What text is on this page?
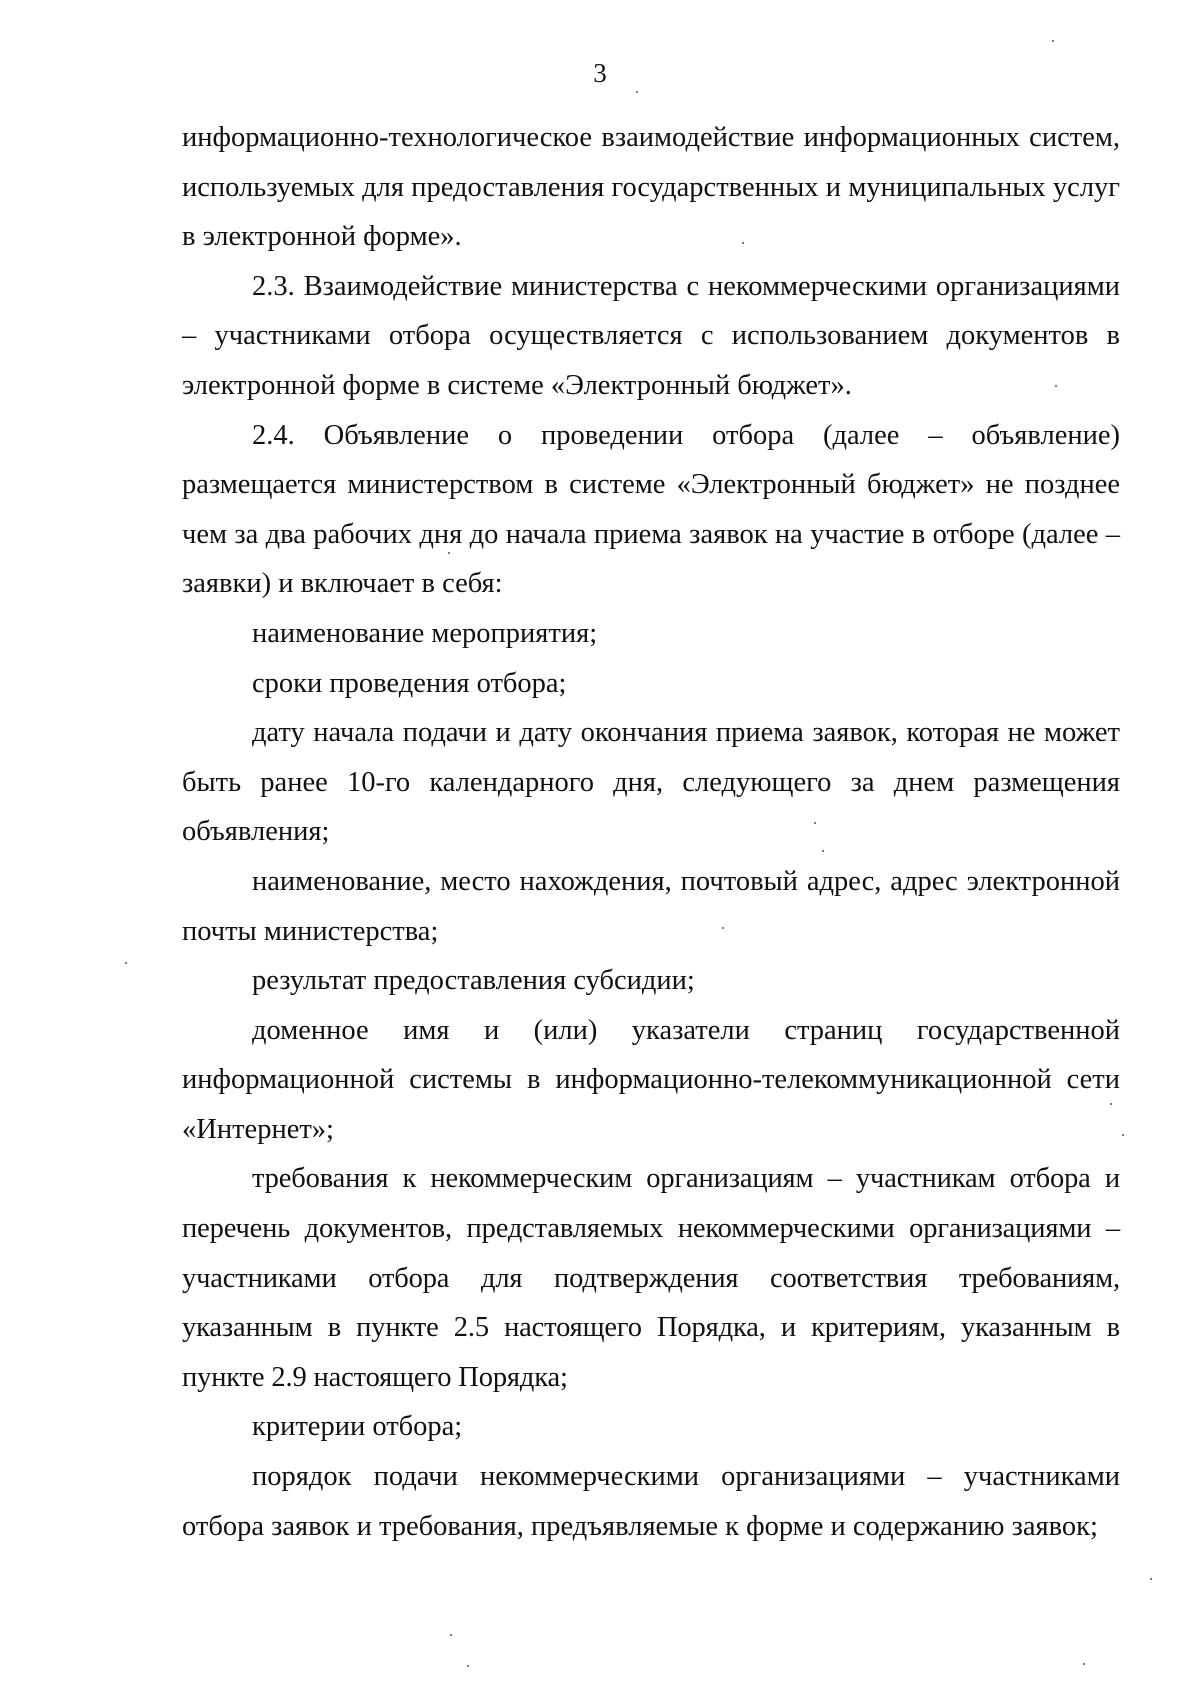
3

информационно-технологическое взаимодействие информационных систем, используемых для предоставления государственных и муниципальных услуг в электронной форме».

2.3. Взаимодействие министерства с некоммерческими организациями – участниками отбора осуществляется с использованием документов в электронной форме в системе «Электронный бюджет».

2.4. Объявление о проведении отбора (далее – объявление) размещается министерством в системе «Электронный бюджет» не позднее чем за два рабочих дня до начала приема заявок на участие в отборе (далее – заявки) и включает в себя:

наименование мероприятия;

сроки проведения отбора;

дату начала подачи и дату окончания приема заявок, которая не может быть ранее 10-го календарного дня, следующего за днем размещения объявления;

наименование, место нахождения, почтовый адрес, адрес электронной почты министерства;

результат предоставления субсидии;

доменное имя и (или) указатели страниц государственной информационной системы в информационно-телекоммуникационной сети «Интернет»;

требования к некоммерческим организациям – участникам отбора и перечень документов, представляемых некоммерческими организациями – участниками отбора для подтверждения соответствия требованиям, указанным в пункте 2.5 настоящего Порядка, и критериям, указанным в пункте 2.9 настоящего Порядка;

критерии отбора;

порядок подачи некоммерческими организациями – участниками отбора заявок и требования, предъявляемые к форме и содержанию заявок;
